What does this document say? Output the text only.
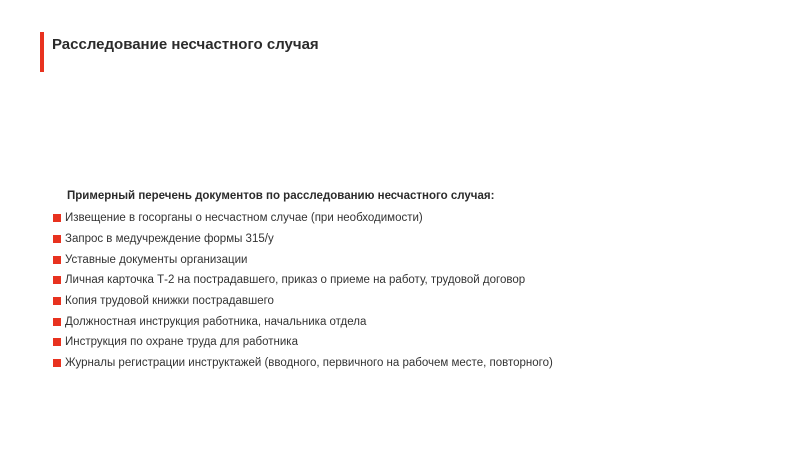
Расследование несчастного случая

Примерный перечень документов по расследованию несчастного случая:

Извещение в госорганы о несчастном случае (при необходимости)
Запрос в медучреждение формы 315/у
Уставные документы организации
Личная карточка Т-2 на пострадавшего, приказ о приеме на работу, трудовой договор
Копия трудовой книжки пострадавшего
Должностная инструкция работника, начальника отдела
Инструкция по охране труда для работника
Журналы регистрации инструктажей (вводного, первичного на рабочем месте, повторного)
